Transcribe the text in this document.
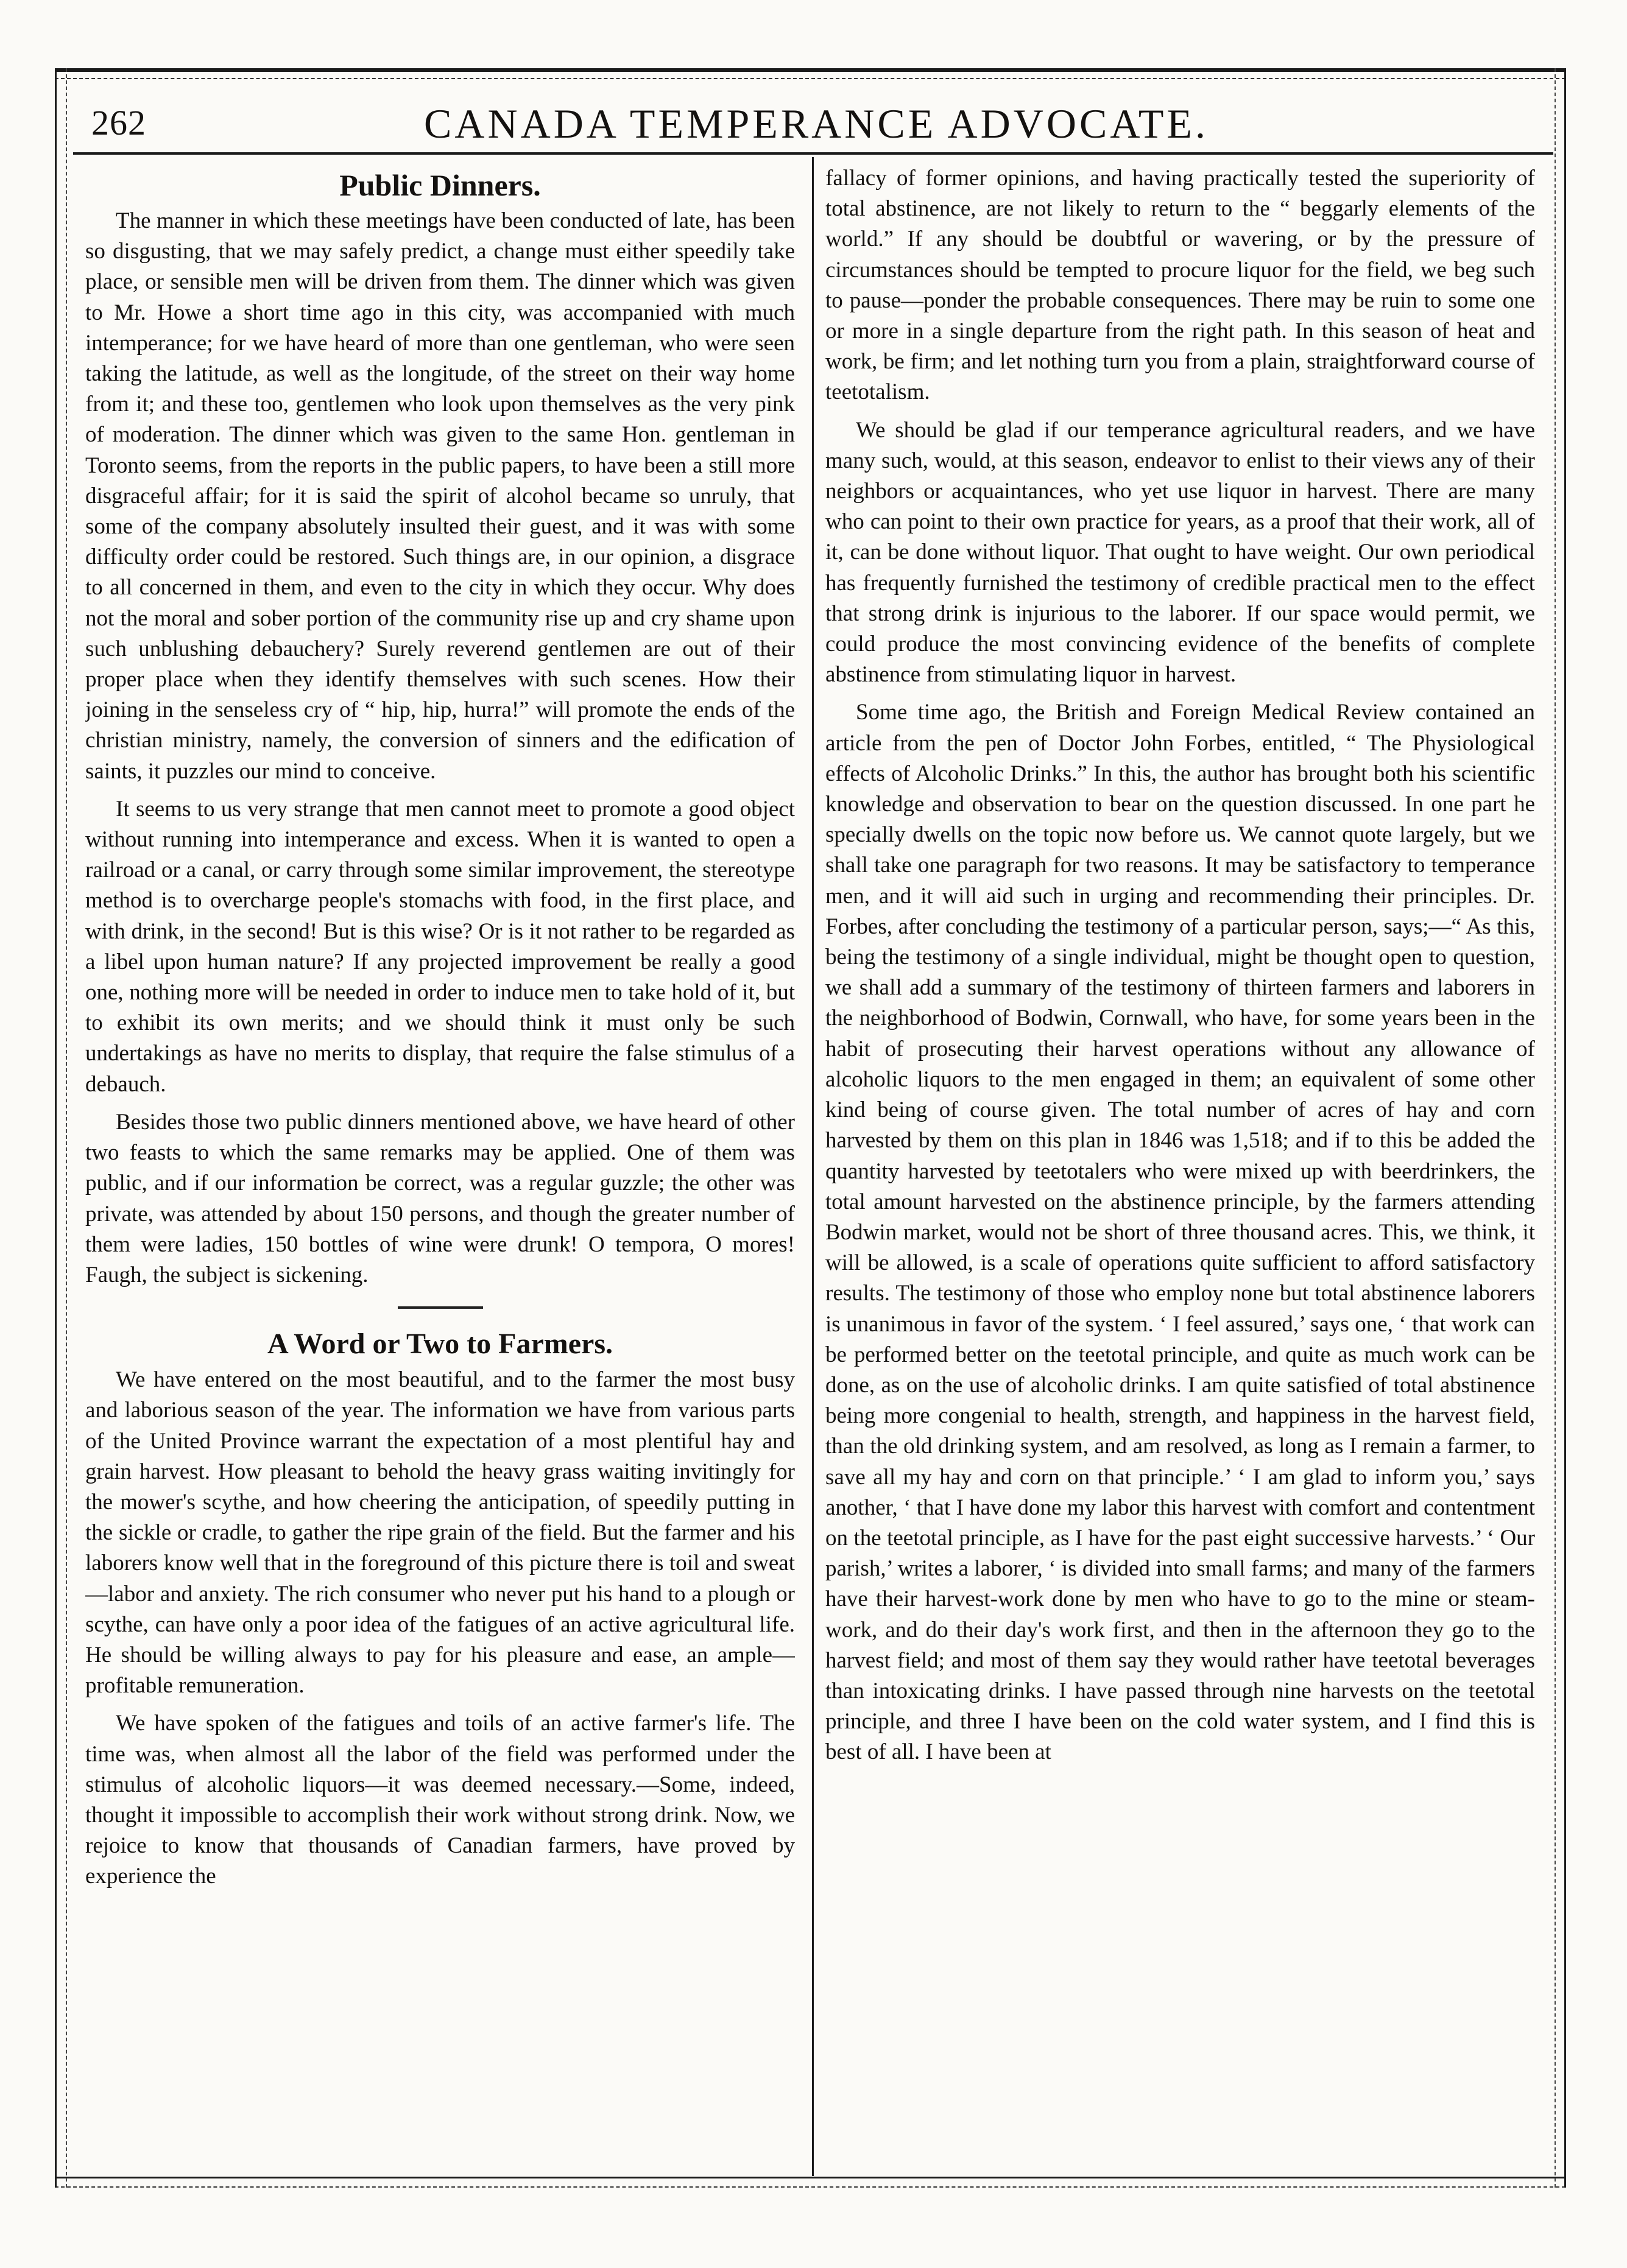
262	CANADA TEMPERANCE ADVOCATE.
Public Dinners.

The manner in which these meetings have been conducted of late, has been so disgusting, that we may safely predict, a change must either speedily take place, or sensible men will be driven from them. The dinner which was given to Mr. Howe a short time ago in this city, was accompanied with much intemperance; for we have heard of more than one gentleman, who were seen taking the latitude, as well as the longitude, of the street on their way home from it; and these too, gentlemen who look upon themselves as the very pink of moderation. The dinner which was given to the same Hon. gentleman in Toronto seems, from the reports in the public papers, to have been a still more disgraceful affair; for it is said the spirit of alcohol became so unruly, that some of the company absolutely insulted their guest, and it was with some difficulty order could be restored. Such things are, in our opinion, a disgrace to all concerned in them, and even to the city in which they occur. Why does not the moral and sober portion of the community rise up and cry shame upon such unblushing debauchery? Surely reverend gentlemen are out of their proper place when they identify themselves with such scenes. How their joining in the senseless cry of “ hip, hip, hurra!” will promote the ends of the christian ministry, namely, the conversion of sinners and the edification of saints, it puzzles our mind to conceive.

It seems to us very strange that men cannot meet to promote a good object without running into intemperance and excess. When it is wanted to open a railroad or a canal, or carry through some similar improvement, the stereotype method is to overcharge people's stomachs with food, in the first place, and with drink, in the second! But is this wise? Or is it not rather to be regarded as a libel upon human nature? If any projected improvement be really a good one, nothing more will be needed in order to induce men to take hold of it, but to exhibit its own merits; and we should think it must only be such undertakings as have no merits to display, that require the false stimulus of a debauch.

Besides those two public dinners mentioned above, we have heard of other two feasts to which the same remarks may be applied. One of them was public, and if our information be correct, was a regular guzzle; the other was private, was attended by about 150 persons, and though the greater number of them were ladies, 150 bottles of wine were drunk! O tempora, O mores! Faugh, the subject is sickening.

A Word or Two to Farmers.

We have entered on the most beautiful, and to the farmer the most busy and laborious season of the year. The information we have from various parts of the United Province warrant the expectation of a most plentiful hay and grain harvest. How pleasant to behold the heavy grass waiting invitingly for the mower's scythe, and how cheering the anticipation, of speedily putting in the sickle or cradle, to gather the ripe grain of the field. But the farmer and his laborers know well that in the foreground of this picture there is toil and sweat—labor and anxiety. The rich consumer who never put his hand to a plough or scythe, can have only a poor idea of the fatigues of an active agricultural life. He should be willing always to pay for his pleasure and ease, an ample—profitable remuneration.

We have spoken of the fatigues and toils of an active farmer's life. The time was, when almost all the labor of the field was performed under the stimulus of alcoholic liquors—it was deemed necessary.—Some, indeed, thought it impossible to accomplish their work without strong drink. Now, we rejoice to know that thousands of Canadian farmers, have proved by experience the

fallacy of former opinions, and having practically tested the superiority of total abstinence, are not likely to return to the “ beggarly elements of the world.” If any should be doubtful or wavering, or by the pressure of circumstances should be tempted to procure liquor for the field, we beg such to pause—ponder the probable consequences. There may be ruin to some one or more in a single departure from the right path. In this season of heat and work, be firm; and let nothing turn you from a plain, straightforward course of teetotalism.

We should be glad if our temperance agricultural readers, and we have many such, would, at this season, endeavor to enlist to their views any of their neighbors or acquaintances, who yet use liquor in harvest. There are many who can point to their own practice for years, as a proof that their work, all of it, can be done without liquor. That ought to have weight. Our own periodical has frequently furnished the testimony of credible practical men to the effect that strong drink is injurious to the laborer. If our space would permit, we could produce the most convincing evidence of the benefits of complete abstinence from stimulating liquor in harvest.

Some time ago, the British and Foreign Medical Review contained an article from the pen of Doctor John Forbes, entitled, “ The Physiological effects of Alcoholic Drinks.” In this, the author has brought both his scientific knowledge and observation to bear on the question discussed. In one part he specially dwells on the topic now before us. We cannot quote largely, but we shall take one paragraph for two reasons. It may be satisfactory to temperance men, and it will aid such in urging and recommending their principles. Dr. Forbes, after concluding the testimony of a particular person, says;—“ As this, being the testimony of a single individual, might be thought open to question, we shall add a summary of the testimony of thirteen farmers and laborers in the neighborhood of Bodwin, Cornwall, who have, for some years been in the habit of prosecuting their harvest operations without any allowance of alcoholic liquors to the men engaged in them; an equivalent of some other kind being of course given. The total number of acres of hay and corn harvested by them on this plan in 1846 was 1,518; and if to this be added the quantity harvested by teetotalers who were mixed up with beerdrinkers, the total amount harvested on the abstinence principle, by the farmers attending Bodwin market, would not be short of three thousand acres. This, we think, it will be allowed, is a scale of operations quite sufficient to afford satisfactory results. The testimony of those who employ none but total abstinence laborers is unanimous in favor of the system. ‘ I feel assured,’ says one, ‘ that work can be performed better on the teetotal principle, and quite as much work can be done, as on the use of alcoholic drinks. I am quite satisfied of total abstinence being more congenial to health, strength, and happiness in the harvest field, than the old drinking system, and am resolved, as long as I remain a farmer, to save all my hay and corn on that principle.’ ‘ I am glad to inform you,’ says another, ‘ that I have done my labor this harvest with comfort and contentment on the teetotal principle, as I have for the past eight successive harvests.’ ‘ Our parish,’ writes a laborer, ‘ is divided into small farms; and many of the farmers have their harvest-work done by men who have to go to the mine or steam-work, and do their day's work first, and then in the afternoon they go to the harvest field; and most of them say they would rather have teetotal beverages than intoxicating drinks. I have passed through nine harvests on the teetotal principle, and three I have been on the cold water system, and I find this is best of all. I have been at
